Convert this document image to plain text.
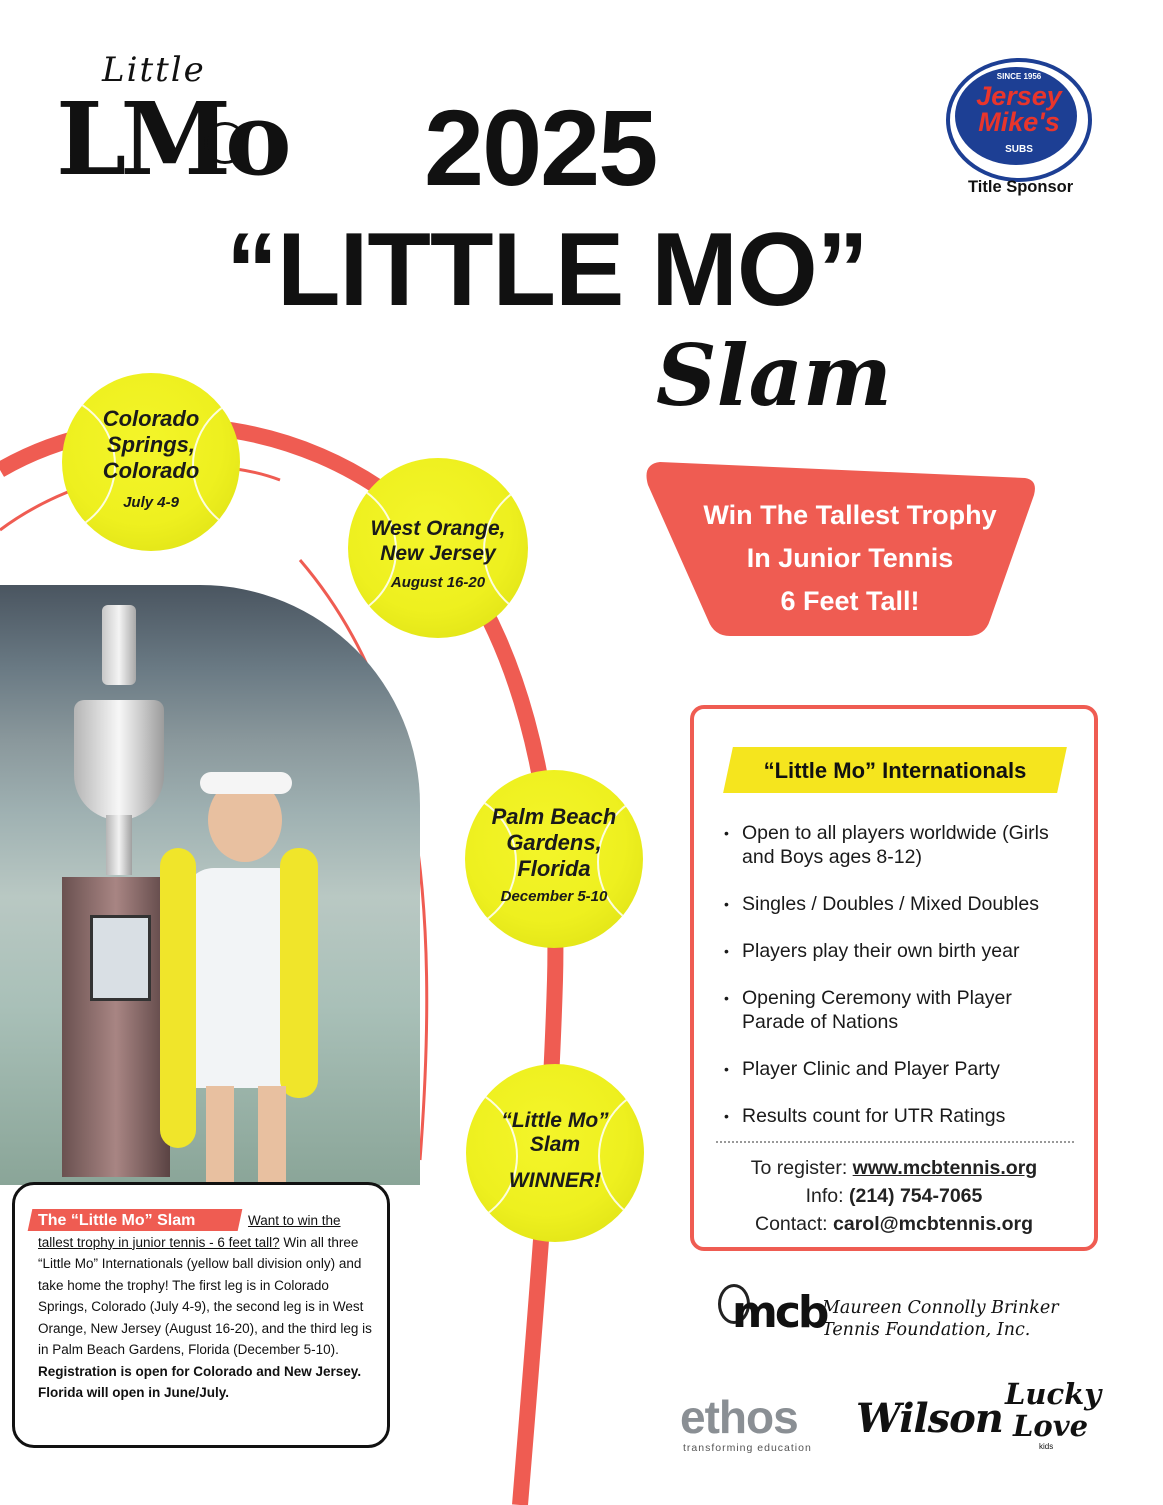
Little
LMo 2025
“LITTLE MO”
Slam
SINCE 1956
Jersey
Mike's
SUBS
Title Sponsor
Win The Tallest Trophy
In Junior Tennis
6 Feet Tall!
Colorado
Springs,
Colorado
July 4-9
West Orange,
New Jersey
August 16-20
Palm Beach
Gardens,
Florida
December 5-10
“Little Mo”
Slam
WINNER!
“Little Mo” Internationals
• Open to all players worldwide (Girls and Boys ages 8-12)
• Singles / Doubles / Mixed Doubles
• Players play their own birth year
• Opening Ceremony with Player Parade of Nations
• Player Clinic and Player Party
• Results count for UTR Ratings
To register: www.mcbtennis.org
Info: (214) 754-7065
Contact: carol@mcbtennis.org
The “Little Mo” Slam	Want to win the tallest trophy in junior tennis - 6 feet tall? Win all three “Little Mo” Internationals (yellow ball division only) and take home the trophy! The first leg is in Colorado Springs, Colorado (July 4-9), the second leg is in West Orange, New Jersey (August 16-20), and the third leg is in Palm Beach Gardens, Florida (December 5-10). Registration is open for Colorado and New Jersey. Florida will open in June/July.
mcb
Maureen Connolly Brinker
Tennis Foundation, Inc.
ethos
transforming education
Wilson
Lucky
Love
kids
